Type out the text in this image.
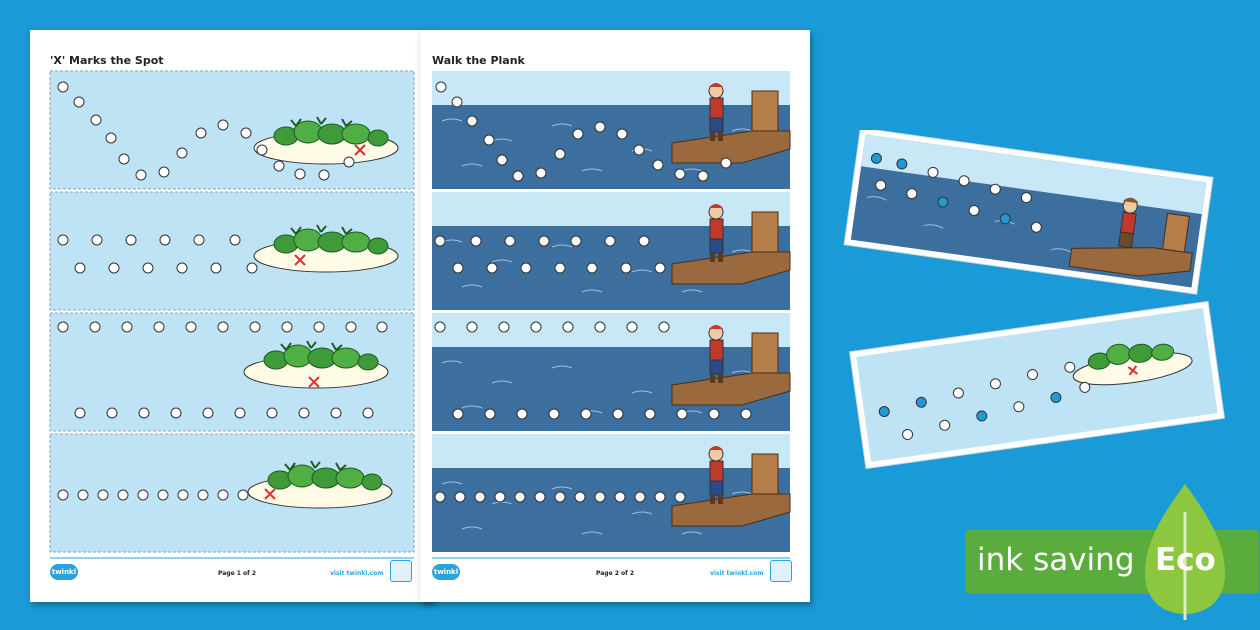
'X' Marks the Spot
twinkl	Page 1 of 2	visit twinkl.com
Walk the Plank
twinkl	Page 2 of 2	visit twinkl.com	ink saving Eco
